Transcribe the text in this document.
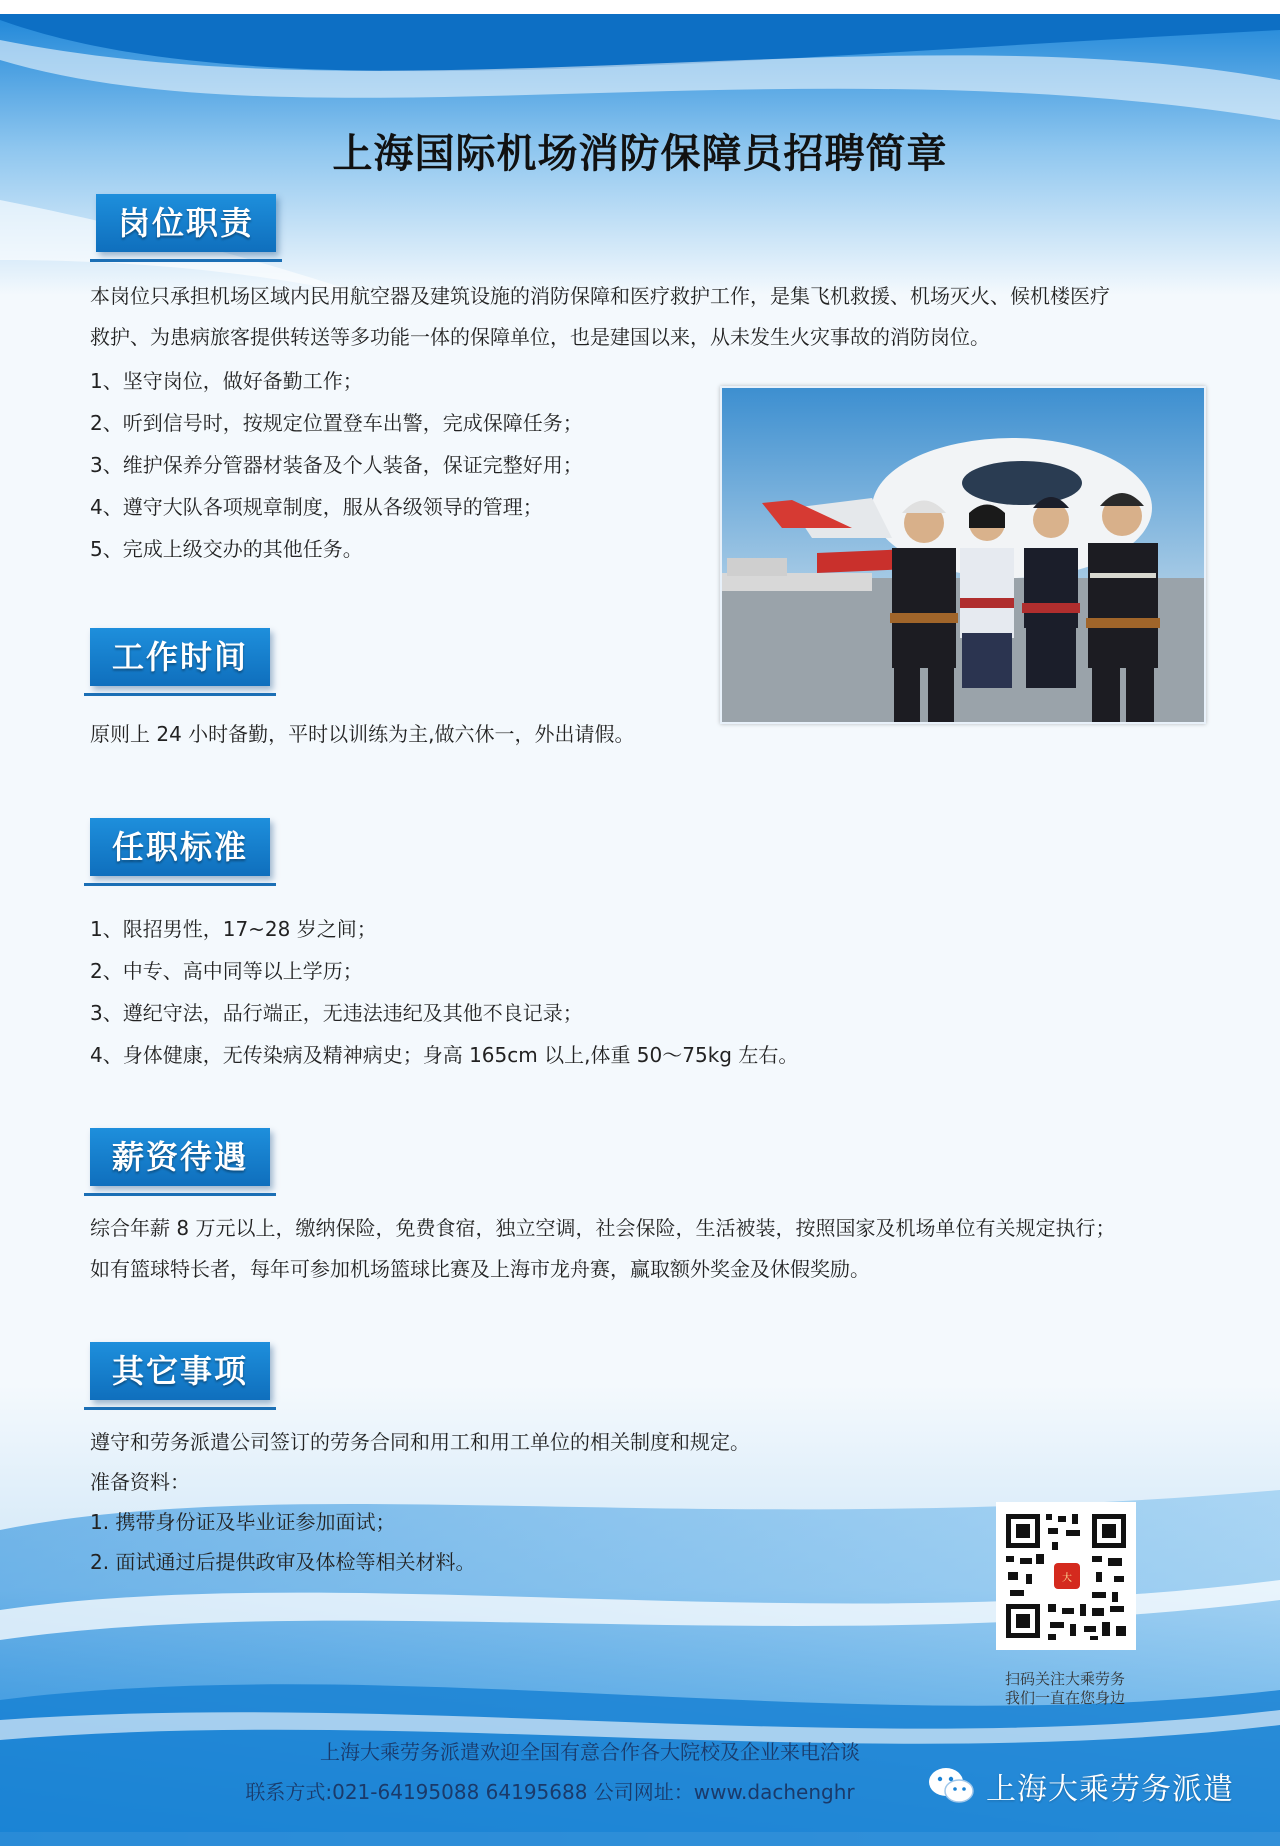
上海国际机场消防保障员招聘简章
岗位职责
本岗位只承担机场区域内民用航空器及建筑设施的消防保障和医疗救护工作，是集飞机救援、机场灭火、候机楼医疗
救护、为患病旅客提供转送等多功能一体的保障单位，也是建国以来，从未发生火灾事故的消防岗位。
1、坚守岗位，做好备勤工作；
2、听到信号时，按规定位置登车出警，完成保障任务；
3、维护保养分管器材装备及个人装备，保证完整好用；
4、遵守大队各项规章制度，服从各级领导的管理；
5、完成上级交办的其他任务。
工作时间
原则上 24 小时备勤，平时以训练为主,做六休一，外出请假。
任职标准
1、限招男性，17~28 岁之间；
2、中专、高中同等以上学历；
3、遵纪守法，品行端正，无违法违纪及其他不良记录；
4、身体健康，无传染病及精神病史；身高 165cm 以上,体重 50～75kg 左右。
薪资待遇
综合年薪 8 万元以上，缴纳保险，免费食宿，独立空调，社会保险，生活被装，按照国家及机场单位有关规定执行；
如有篮球特长者，每年可参加机场篮球比赛及上海市龙舟赛，赢取额外奖金及休假奖励。
其它事项
遵守和劳务派遣公司签订的劳务合同和用工和用工单位的相关制度和规定。
准备资料：
1. 携带身份证及毕业证参加面试；
2. 面试通过后提供政审及体检等相关材料。
大
扫码关注大乘劳务
我们一直在您身边
上海大乘劳务派遣欢迎全国有意合作各大院校及企业来电洽谈
联系方式:021-64195088 64195688 公司网址：www.dachenghr	上海大乘劳务派遣
